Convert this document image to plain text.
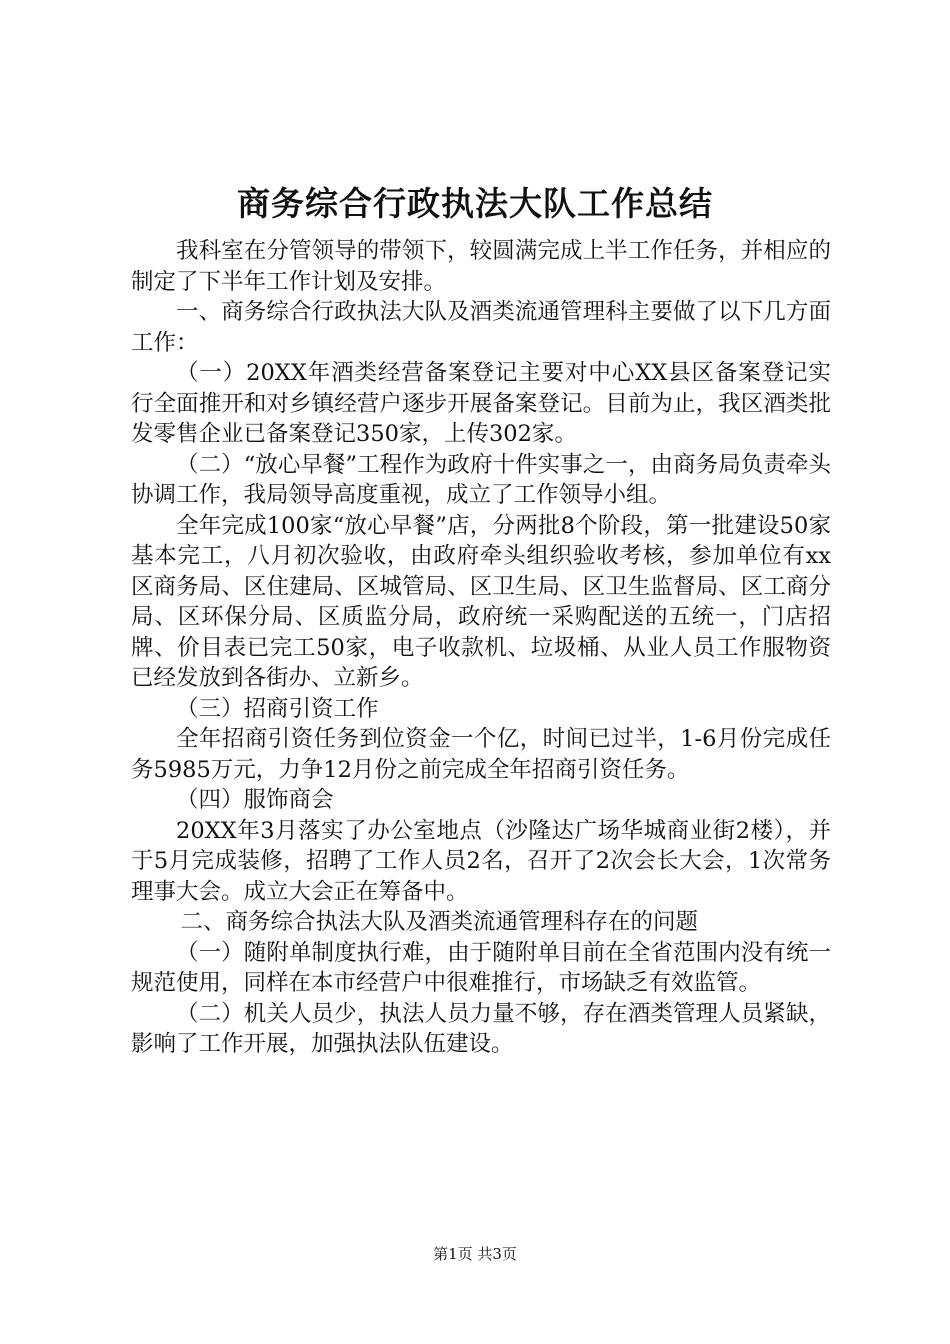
商务综合行政执法大队工作总结

我科室在分管领导的带领下，较圆满完成上半工作任务，并相应的制定了下半年工作计划及安排。

一、商务综合行政执法大队及酒类流通管理科主要做了以下几方面工作：

（一）20XX年酒类经营备案登记主要对中心XX县区备案登记实行全面推开和对乡镇经营户逐步开展备案登记。目前为止，我区酒类批发零售企业已备案登记350家，上传302家。

（二）“放心早餐”工程作为政府十件实事之一，由商务局负责牵头协调工作，我局领导高度重视，成立了工作领导小组。

全年完成100家“放心早餐”店，分两批8个阶段，第一批建设50家基本完工，八月初次验收，由政府牵头组织验收考核，参加单位有xx区商务局、区住建局、区城管局、区卫生局、区卫生监督局、区工商分局、区环保分局、区质监分局，政府统一采购配送的五统一，门店招牌、价目表已完工50家，电子收款机、垃圾桶、从业人员工作服物资已经发放到各街办、立新乡。

（三）招商引资工作

全年招商引资任务到位资金一个亿，时间已过半，1-6月份完成任务5985万元，力争12月份之前完成全年招商引资任务。

（四）服饰商会

20XX年3月落实了办公室地点（沙隆达广场华城商业街2楼），并于5月完成装修，招聘了工作人员2名，召开了2次会长大会，1次常务理事大会。成立大会正在筹备中。

二、商务综合执法大队及酒类流通管理科存在的问题

（一）随附单制度执行难，由于随附单目前在全省范围内没有统一规范使用，同样在本市经营户中很难推行，市场缺乏有效监管。

（二）机关人员少，执法人员力量不够，存在酒类管理人员紧缺，影响了工作开展，加强执法队伍建设。

第1页 共3页
